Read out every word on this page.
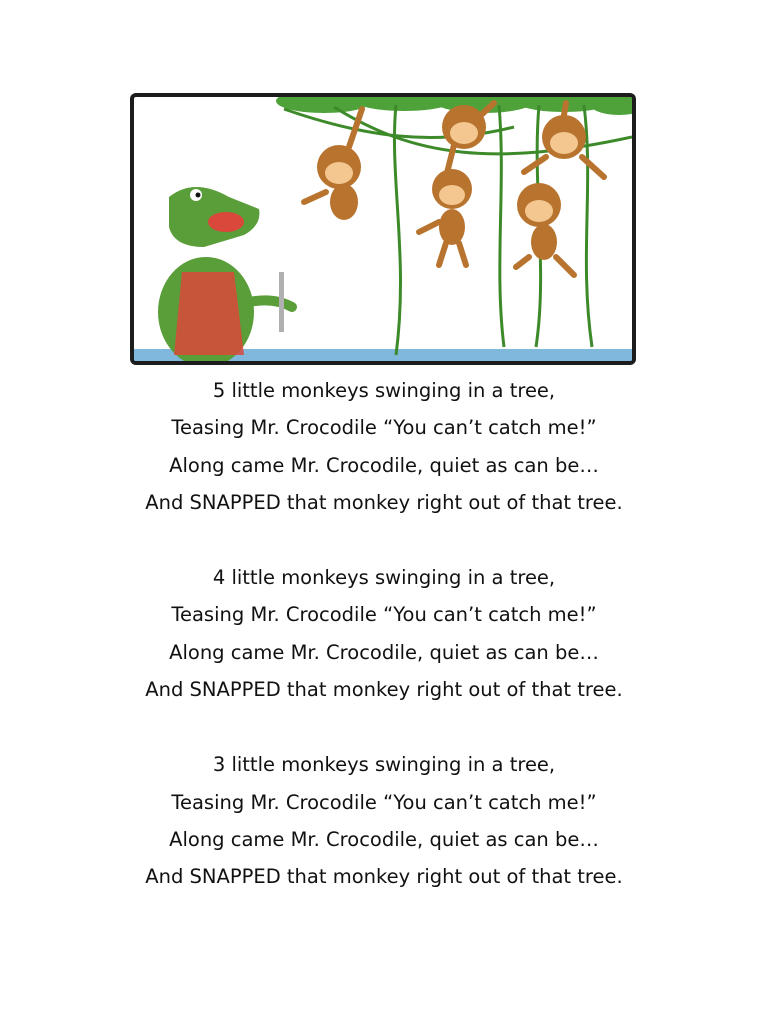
5 little monkeys swinging in a tree,
Teasing Mr. Crocodile “You can’t catch me!”
Along came Mr. Crocodile, quiet as can be…
And SNAPPED that monkey right out of that tree.
4 little monkeys swinging in a tree,
Teasing Mr. Crocodile “You can’t catch me!”
Along came Mr. Crocodile, quiet as can be…
And SNAPPED that monkey right out of that tree.
3 little monkeys swinging in a tree,
Teasing Mr. Crocodile “You can’t catch me!”
Along came Mr. Crocodile, quiet as can be…
And SNAPPED that monkey right out of that tree.
